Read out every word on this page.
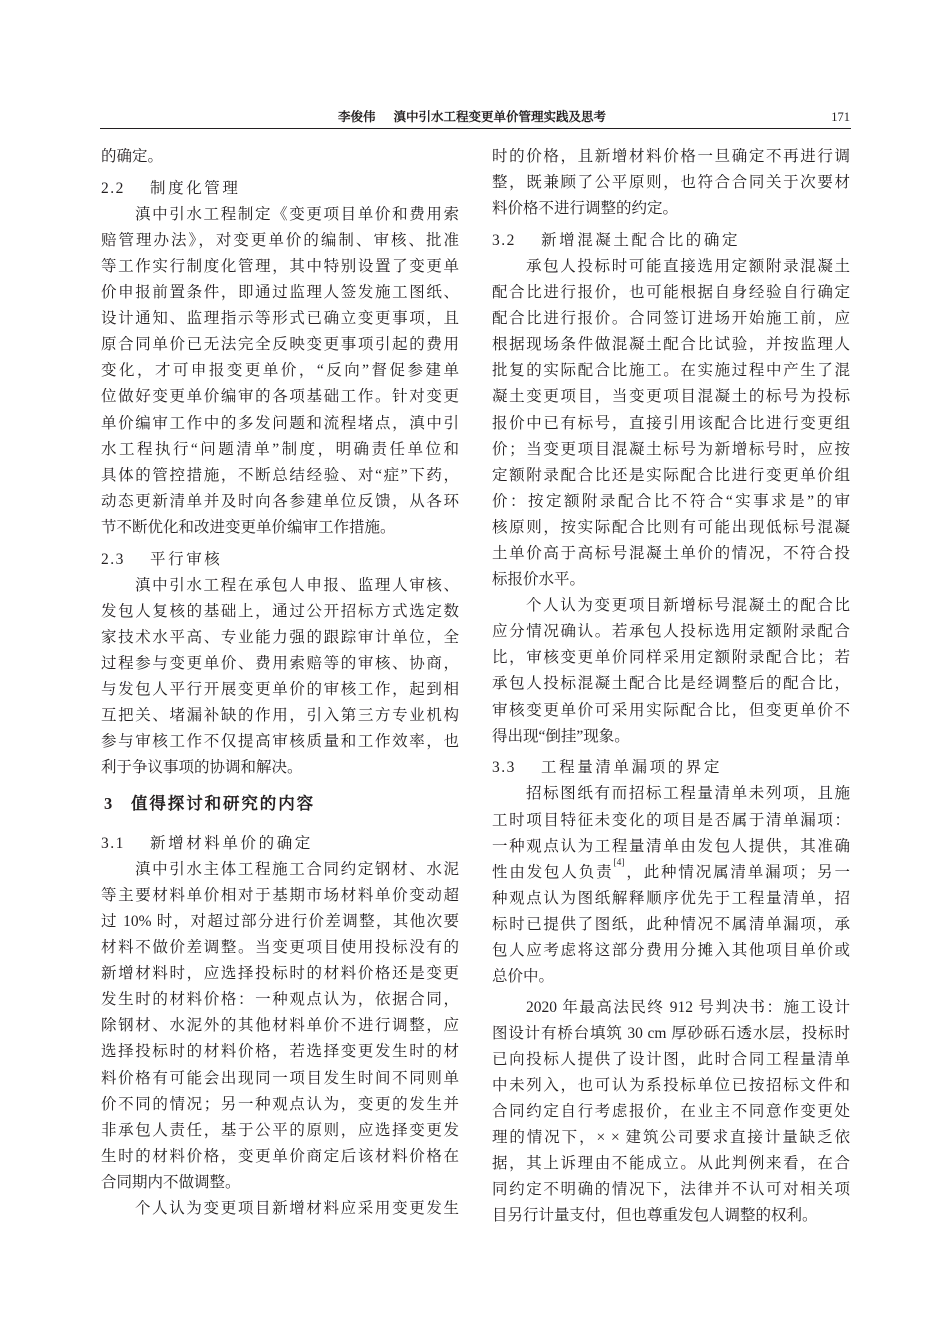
李俊伟 滇中引水工程变更单价管理实践及思考	171
的确定。
2.2 制度化管理
滇中引水工程制定《变更项目单价和费用索
赔管理办法》，对变更单价的编制、审核、批准
等工作实行制度化管理，其中特别设置了变更单
价申报前置条件，即通过监理人签发施工图纸、
设计通知、监理指示等形式已确立变更事项，且
原合同单价已无法完全反映变更事项引起的费用
变化，才可申报变更单价，“反向”督促参建单
位做好变更单价编审的各项基础工作。针对变更
单价编审工作中的多发问题和流程堵点，滇中引
水工程执行“问题清单”制度，明确责任单位和
具体的管控措施，不断总结经验、对“症”下药，
动态更新清单并及时向各参建单位反馈，从各环
节不断优化和改进变更单价编审工作措施。
2.3 平行审核
滇中引水工程在承包人申报、监理人审核、
发包人复核的基础上，通过公开招标方式选定数
家技术水平高、专业能力强的跟踪审计单位，全
过程参与变更单价、费用索赔等的审核、协商，
与发包人平行开展变更单价的审核工作，起到相
互把关、堵漏补缺的作用，引入第三方专业机构
参与审核工作不仅提高审核质量和工作效率，也
利于争议事项的协调和解决。
3 值得探讨和研究的内容
3.1 新增材料单价的确定
滇中引水主体工程施工合同约定钢材、水泥
等主要材料单价相对于基期市场材料单价变动超
过 10% 时，对超过部分进行价差调整，其他次要
材料不做价差调整。当变更项目使用投标没有的
新增材料时，应选择投标时的材料价格还是变更
发生时的材料价格：一种观点认为，依据合同，
除钢材、水泥外的其他材料单价不进行调整，应
选择投标时的材料价格，若选择变更发生时的材
料价格有可能会出现同一项目发生时间不同则单
价不同的情况；另一种观点认为，变更的发生并
非承包人责任，基于公平的原则，应选择变更发
生时的材料价格，变更单价商定后该材料价格在
合同期内不做调整。
个人认为变更项目新增材料应采用变更发生
时的价格，且新增材料价格一旦确定不再进行调
整，既兼顾了公平原则，也符合合同关于次要材
料价格不进行调整的约定。
3.2 新增混凝土配合比的确定
承包人投标时可能直接选用定额附录混凝土
配合比进行报价，也可能根据自身经验自行确定
配合比进行报价。合同签订进场开始施工前，应
根据现场条件做混凝土配合比试验，并按监理人
批复的实际配合比施工。在实施过程中产生了混
凝土变更项目，当变更项目混凝土的标号为投标
报价中已有标号，直接引用该配合比进行变更组
价；当变更项目混凝土标号为新增标号时，应按
定额附录配合比还是实际配合比进行变更单价组
价：按定额附录配合比不符合“实事求是”的审
核原则，按实际配合比则有可能出现低标号混凝
土单价高于高标号混凝土单价的情况，不符合投
标报价水平。
个人认为变更项目新增标号混凝土的配合比
应分情况确认。若承包人投标选用定额附录配合
比，审核变更单价同样采用定额附录配合比；若
承包人投标混凝土配合比是经调整后的配合比，
审核变更单价可采用实际配合比，但变更单价不
得出现“倒挂”现象。
3.3 工程量清单漏项的界定
招标图纸有而招标工程量清单未列项，且施
工时项目特征未变化的项目是否属于清单漏项：
一种观点认为工程量清单由发包人提供，其准确
性由发包人负责[4]，此种情况属清单漏项；另一
种观点认为图纸解释顺序优先于工程量清单，招
标时已提供了图纸，此种情况不属清单漏项，承
包人应考虑将这部分费用分摊入其他项目单价或
总价中。
2020 年最高法民终 912 号判决书：施工设计
图设计有桥台填筑 30 cm 厚砂砾石透水层，投标时
已向投标人提供了设计图，此时合同工程量清单
中未列入，也可认为系投标单位已按招标文件和
合同约定自行考虑报价，在业主不同意作变更处
理的情况下，× × 建筑公司要求直接计量缺乏依
据，其上诉理由不能成立。从此判例来看，在合
同约定不明确的情况下，法律并不认可对相关项
目另行计量支付，但也尊重发包人调整的权利。
